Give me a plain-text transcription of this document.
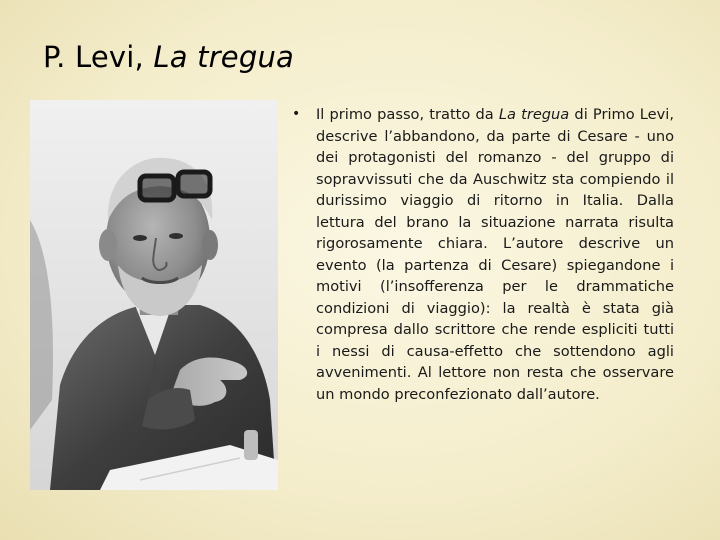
P. Levi, La tregua
•	Il primo passo, tratto da La tregua di Primo Levi, descrive l’abbandono, da parte di Cesare - uno dei protagonisti del romanzo - del gruppo di sopravvissuti che da Auschwitz sta compiendo il durissimo viaggio di ritorno in Italia. Dalla lettura del brano la situazione narrata risulta rigorosamente chiara. L’autore descrive un evento (la partenza di Cesare) spiegandone i motivi (l’insofferenza per le drammatiche condizioni di viaggio): la realtà è stata già compresa dallo scrittore che rende espliciti tutti i nessi di causa-effetto che sottendono agli avvenimenti. Al lettore non resta che osservare un mondo preconfezionato dall’autore.
